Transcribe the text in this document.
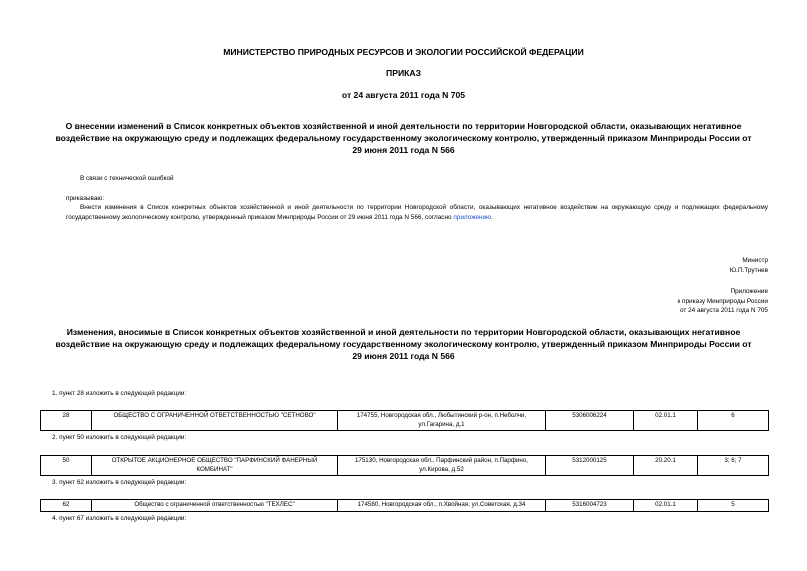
МИНИСТЕРСТВО ПРИРОДНЫХ РЕСУРСОВ И ЭКОЛОГИИ РОССИЙСКОЙ ФЕДЕРАЦИИ
ПРИКАЗ
от 24 августа 2011 года N 705
О внесении изменений в Список конкретных объектов хозяйственной и иной деятельности по территории Новгородской области, оказывающих негативное воздействие на окружающую среду и подлежащих федеральному государственному экологическому контролю, утвержденный приказом Минприроды России от 29 июня 2011 года N 566
В связи с технической ошибкой
приказываю:
Внести изменения в Список конкретных объектов хозяйственной и иной деятельности по территории Новгородской области, оказывающих негативное воздействие на окружающую среду и подлежащих федеральному государственному экологическому контролю, утвержденный приказом Минприроды России от 29 июня 2011 года N 566, согласно приложению.
Министр
Ю.П.Трутнев
Приложение
к приказу Минприроды России
от 24 августа 2011 года N 705
Изменения, вносимые в Список конкретных объектов хозяйственной и иной деятельности по территории Новгородской области, оказывающих негативное воздействие на окружающую среду и подлежащих федеральному государственному экологическому контролю, утвержденный приказом Минприроды России от 29 июня 2011 года N 566
1. пункт 28 изложить в следующей редакции:
28	ОБЩЕСТВО С ОГРАНИЧЕННОЙ ОТВЕТСТВЕННОСТЬЮ "СЕТНОВО"	174755, Новгородская обл., Любытинский р-он, п.Неболчи, ул.Гагарина, д.1	5306006224	02.01.1	6
2. пункт 50 изложить в следующей редакции:
50	ОТКРЫТОЕ АКЦИОНЕРНОЕ ОБЩЕСТВО "ПАРФИНСКИЙ ФАНЕРНЫЙ КОМБИНАТ"	175130, Новгородская обл., Парфинский район, п.Парфино, ул.Кирова, д.52	5312000125	20.20.1	3; 6; 7
3. пункт 62 изложить в следующей редакции:
62	Общество с ограниченной ответственностью "ТЕХЛЕС"	174580, Новгородская обл., п.Хвойная, ул.Советская, д.34	5316004723	02.01.1	5
4. пункт 67 изложить в следующей редакции:
